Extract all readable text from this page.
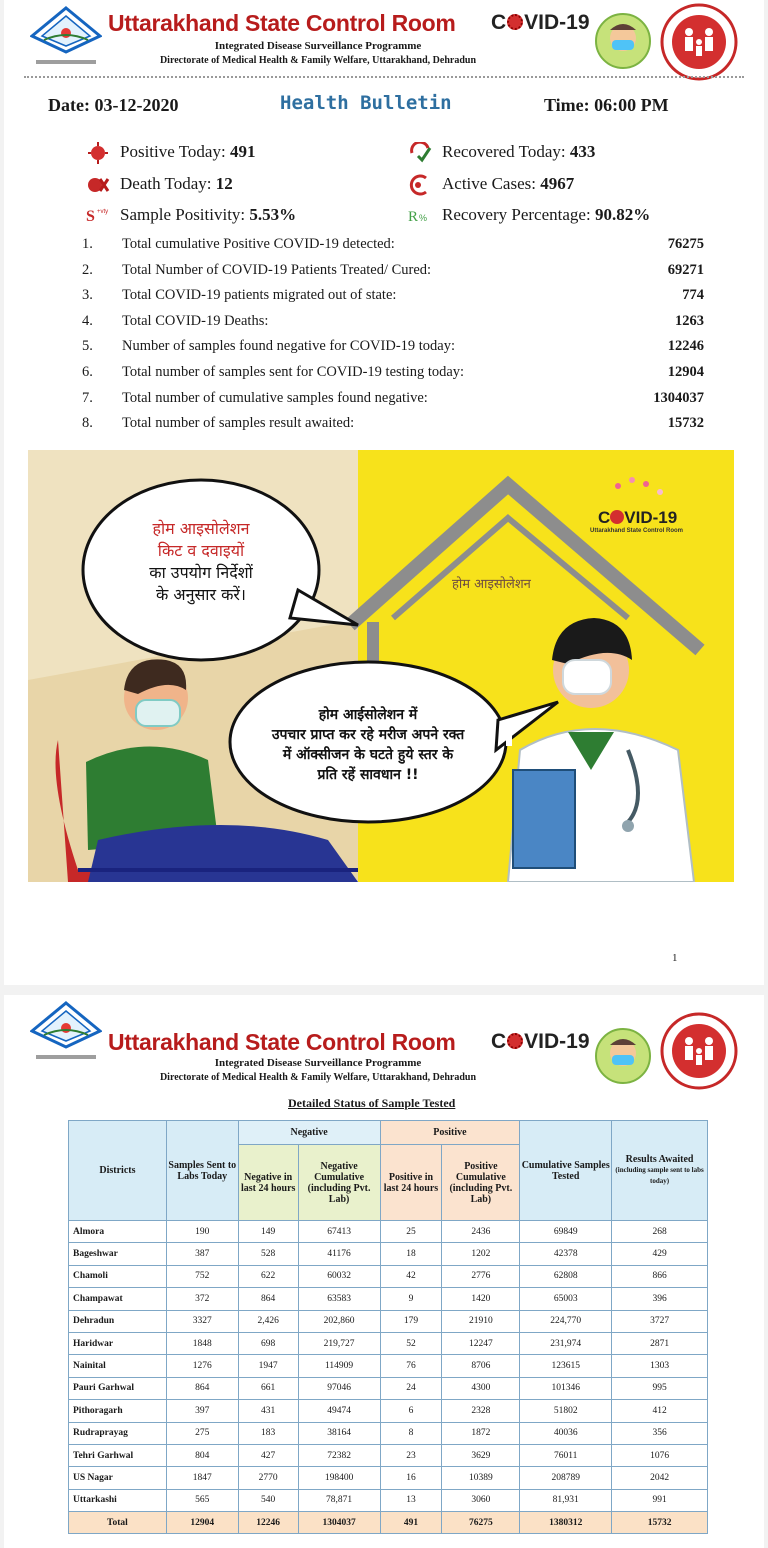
Uttarakhand State Control Room C VID-19
Integrated Disease Surveillance Programme
Directorate of Medical Health & Family Welfare, Uttarakhand, Dehradun
Date: 03-12-2020	Health Bulletin	Time: 06:00 PM
Positive Today: 491	Recovered Today: 433
Death Today: 12	Active Cases: 4967
S +vty Sample Positivity: 5.53%	R % Recovery Percentage: 90.82%
1. Total cumulative Positive COVID-19 detected:	76275
2. Total Number of COVID-19 Patients Treated/ Cured:	69271
3. Total COVID-19 patients migrated out of state:	774
4. Total COVID-19 Deaths:	1263
5. Number of samples found negative for COVID-19 today:	12246
6. Total number of samples sent for COVID-19 testing today:	12904
7. Total number of cumulative samples found negative:	1304037
8. Total number of samples result awaited:	15732
होम आइसोलेशन
किट व दवाइयों
का उपयोग निर्देशों
के अनुसार करें।
होम आइसोलेशन
होम आईसोलेशन में
उपचार प्राप्त कर रहे मरीज अपने रक्त
में ऑक्सीजन के घटते हुये स्तर के
प्रति रहें सावधान !!
C VID-19
Uttarakhand State Control Room
1
Uttarakhand State Control Room C VID-19
Integrated Disease Surveillance Programme
Directorate of Medical Health & Family Welfare, Uttarakhand, Dehradun
Detailed Status of Sample Tested
Districts	Samples Sent to Labs Today	Negative		Positive		Cumulative Samples Tested	Results Awaited
(including sample sent to labs today)

		Negative in last 24 hours	Negative Cumulative (including Pvt. Lab)	Positive in last 24 hours	Positive Cumulative (including Pvt. Lab)		
Almora	190	149	67413	25	2436	69849	268
Bageshwar	387	528	41176	18	1202	42378	429
Chamoli	752	622	60032	42	2776	62808	866
Champawat	372	864	63583	9	1420	65003	396
Dehradun	3327	2,426	202,860	179	21910	224,770	3727
Haridwar	1848	698	219,727	52	12247	231,974	2871
Nainital	1276	1947	114909	76	8706	123615	1303
Pauri Garhwal	864	661	97046	24	4300	101346	995
Pithoragarh	397	431	49474	6	2328	51802	412
Rudraprayag	275	183	38164	8	1872	40036	356
Tehri Garhwal	804	427	72382	23	3629	76011	1076
US Nagar	1847	2770	198400	16	10389	208789	2042
Uttarkashi	565	540	78,871	13	3060	81,931	991
Total	12904	12246	1304037	491	76275	1380312	15732
